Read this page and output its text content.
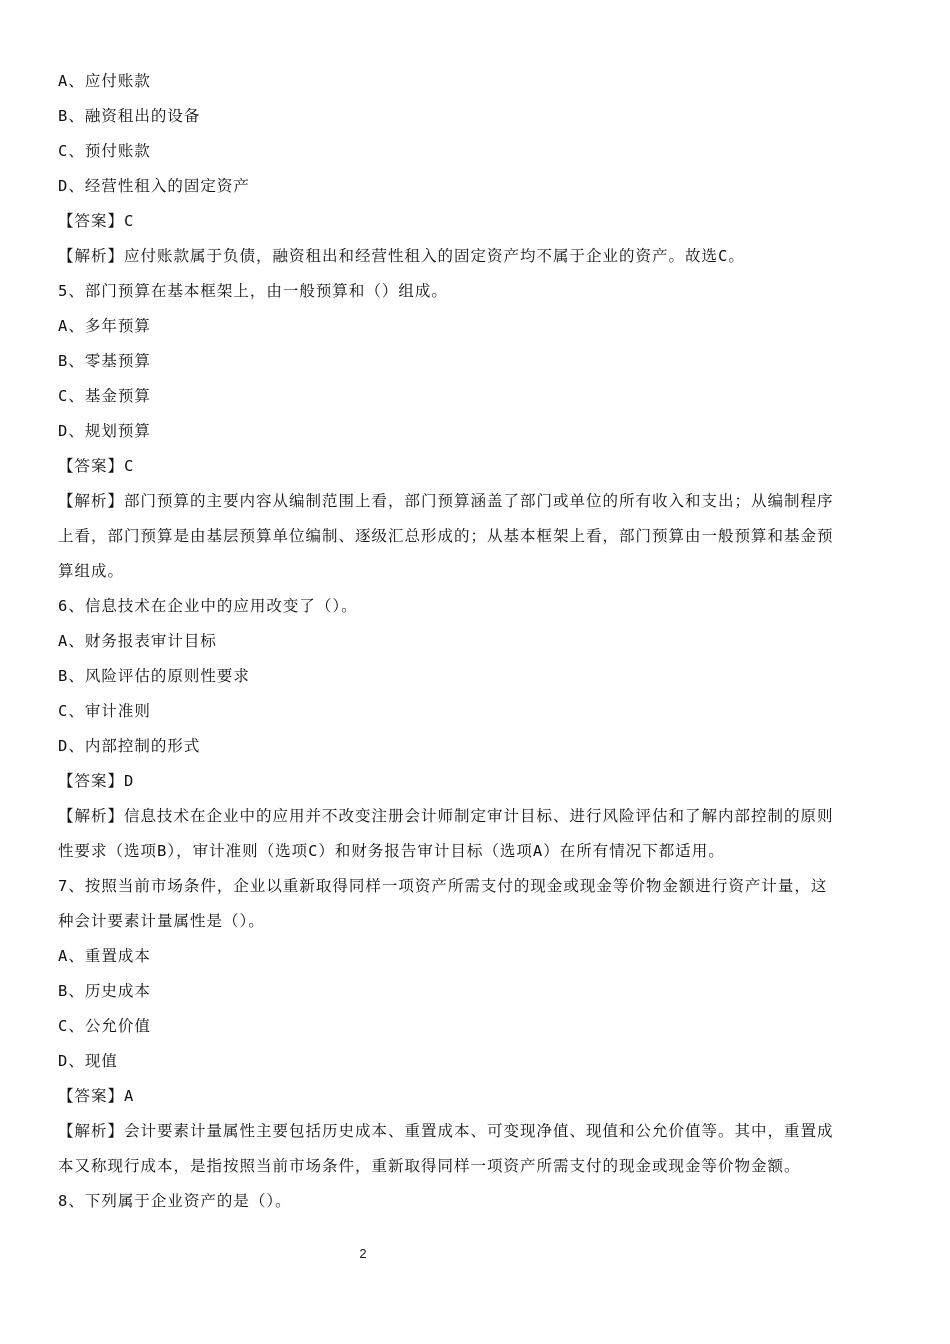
A、应付账款
B、融资租出的设备
C、预付账款
D、经营性租入的固定资产
【答案】C
【解析】应付账款属于负债，融资租出和经营性租入的固定资产均不属于企业的资产。故选C。
5、部门预算在基本框架上，由一般预算和（）组成。
A、多年预算
B、零基预算
C、基金预算
D、规划预算
【答案】C
【解析】部门预算的主要内容从编制范围上看，部门预算涵盖了部门或单位的所有收入和支出；从编制程序
上看，部门预算是由基层预算单位编制、逐级汇总形成的；从基本框架上看，部门预算由一般预算和基金预
算组成。
6、信息技术在企业中的应用改变了（）。
A、财务报表审计目标
B、风险评估的原则性要求
C、审计准则
D、内部控制的形式
【答案】D
【解析】信息技术在企业中的应用并不改变注册会计师制定审计目标、进行风险评估和了解内部控制的原则
性要求（选项B），审计准则（选项C）和财务报告审计目标（选项A）在所有情况下都适用。
7、按照当前市场条件，企业以重新取得同样一项资产所需支付的现金或现金等价物金额进行资产计量，这
种会计要素计量属性是（）。
A、重置成本
B、历史成本
C、公允价值
D、现值
【答案】A
【解析】会计要素计量属性主要包括历史成本、重置成本、可变现净值、现值和公允价值等。其中，重置成
本又称现行成本，是指按照当前市场条件，重新取得同样一项资产所需支付的现金或现金等价物金额。
8、下列属于企业资产的是（）。
2
